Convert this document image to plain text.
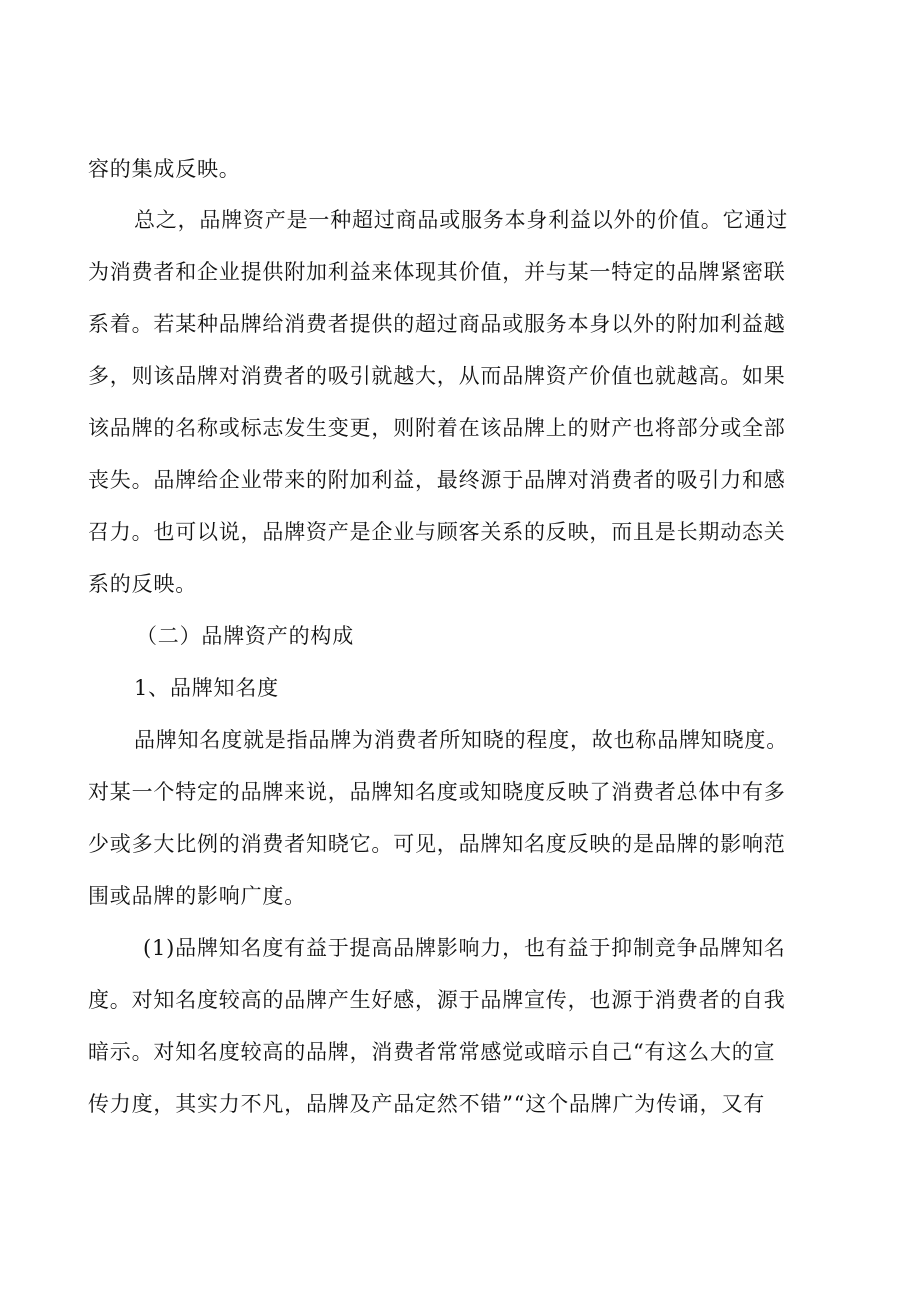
容的集成反映。
总之，品牌资产是一种超过商品或服务本身利益以外的价值。它通过
为消费者和企业提供附加利益来体现其价值，并与某一特定的品牌紧密联
系着。若某种品牌给消费者提供的超过商品或服务本身以外的附加利益越
多，则该品牌对消费者的吸引就越大，从而品牌资产价值也就越高。如果
该品牌的名称或标志发生变更，则附着在该品牌上的财产也将部分或全部
丧失。品牌给企业带来的附加利益，最终源于品牌对消费者的吸引力和感
召力。也可以说，品牌资产是企业与顾客关系的反映，而且是长期动态关
系的反映。
（二）品牌资产的构成
1、品牌知名度
品牌知名度就是指品牌为消费者所知晓的程度，故也称品牌知晓度。
对某一个特定的品牌来说，品牌知名度或知晓度反映了消费者总体中有多
少或多大比例的消费者知晓它。可见，品牌知名度反映的是品牌的影响范
围或品牌的影响广度。
(1)品牌知名度有益于提高品牌影响力，也有益于抑制竞争品牌知名
度。对知名度较高的品牌产生好感，源于品牌宣传，也源于消费者的自我
暗示。对知名度较高的品牌，消费者常常感觉或暗示自己“有这么大的宣
传力度，其实力不凡，品牌及产品定然不错”“这个品牌广为传诵，又有
